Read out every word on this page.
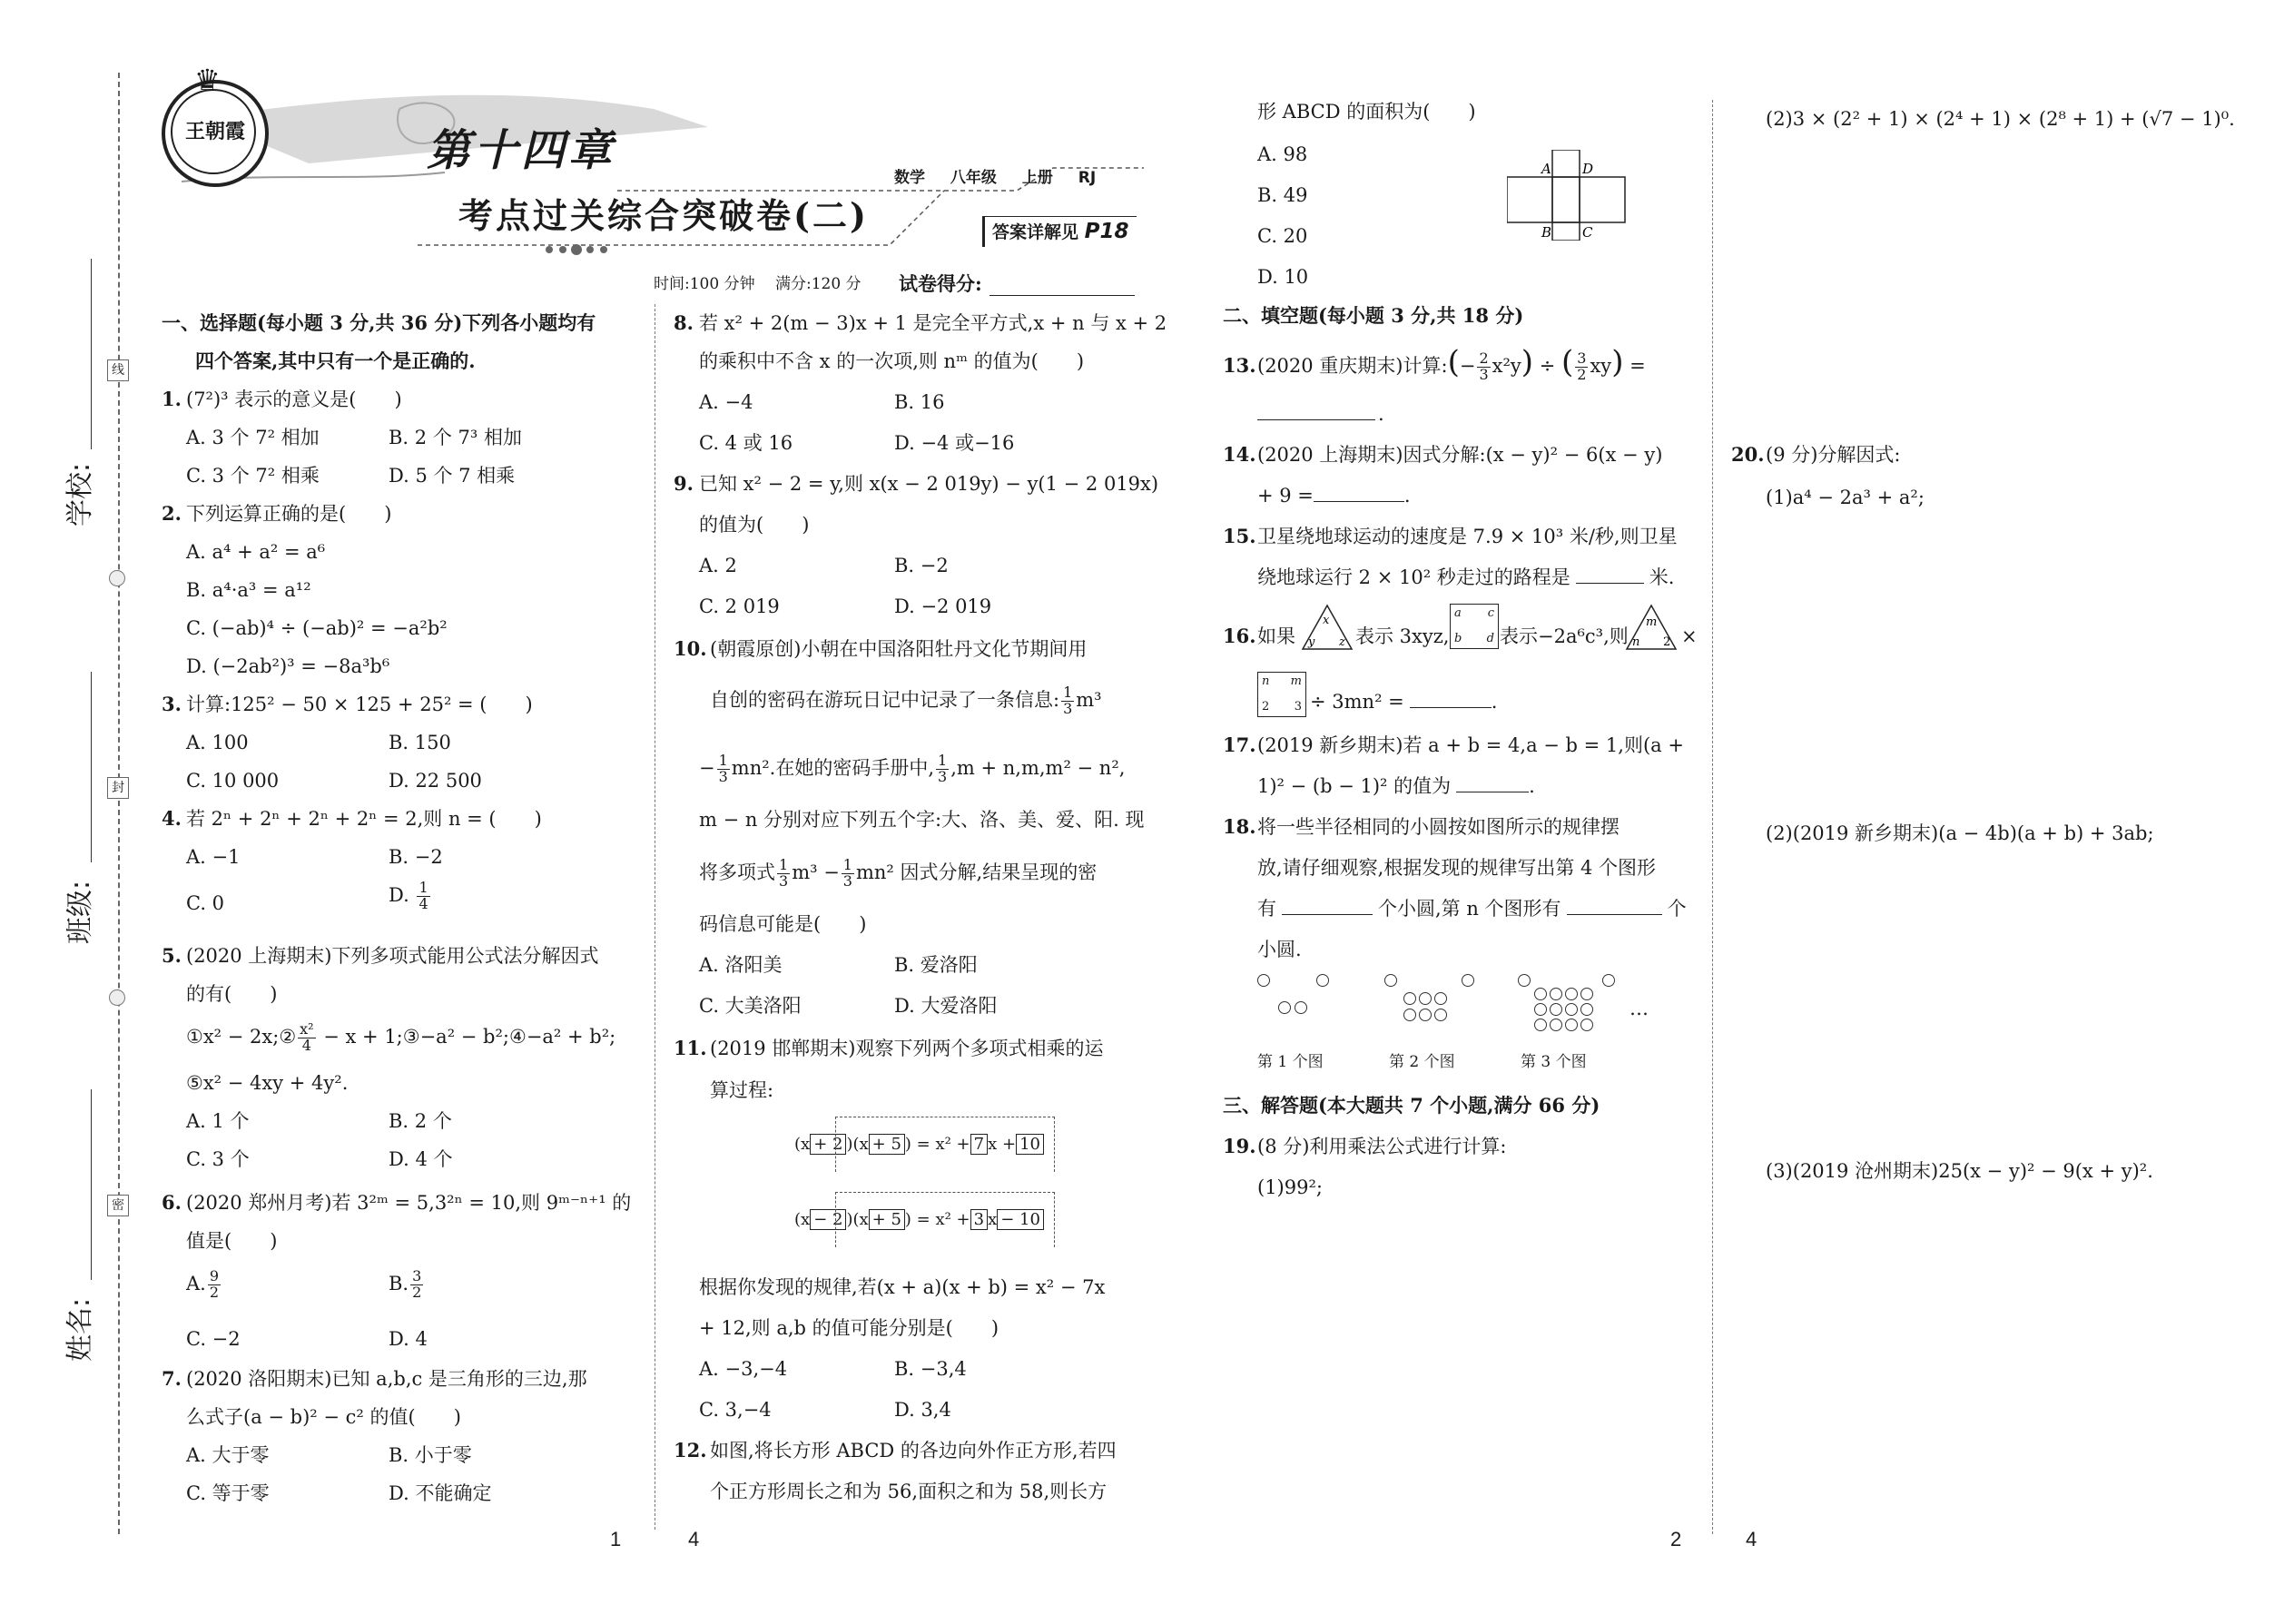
线
封
密
学校:
班级:
姓名:
王朝霞
♛
第十四章
考点过关综合突破卷(二)
数学 八年级 上册 RJ
答案详解见 P18
时间:100 分钟　 满分:120 分 试卷得分:
一、选择题(每小题 3 分,共 36 分)下列各小题均有
四个答案,其中只有一个是正确的.
1. (7²)³ 表示的意义是(　　)
A. 3 个 7² 相加	B. 2 个 7³ 相加
C. 3 个 7² 相乘	D. 5 个 7 相乘
2. 下列运算正确的是(　　)
A. a⁴ + a² = a⁶
B. a⁴·a³ = a¹²
C. (−ab)⁴ ÷ (−ab)² = −a²b²
D. (−2ab²)³ = −8a³b⁶
3. 计算:125² − 50 × 125 + 25² = (　　)
A. 100	B. 150
C. 10 000	D. 22 500
4. 若 2ⁿ + 2ⁿ + 2ⁿ + 2ⁿ = 2,则 n = (　　)
A. −1	B. −2
C. 0	D. $\frac{1}{4}$
5. (2020 上海期末)下列多项式能用公式法分解因式
的有(　　)
①x² − 2x;② $\frac{\text{x²}}{4} - x$ + 1;③−a² − b²;④−a² + b²;
⑤x² − 4xy + 4y².
A. 1 个	B. 2 个
C. 3 个	D. 4 个
6. (2020 郑州月考)若 3²ᵐ = 5,3²ⁿ = 10,则 9ᵐ⁻ⁿ⁺¹ 的
值是(　　)
A. $\frac{9}{2}$	B. $\frac{3}{2}$
C. −2	D. 4
7. (2020 洛阳期末)已知 a,b,c 是三角形的三边,那
么式子(a − b)² − c² 的值(　　)
A. 大于零	B. 小于零
C. 等于零	D. 不能确定
8. 若 x² + 2(m − 3)x + 1 是完全平方式,x + n 与 x + 2
的乘积中不含 x 的一次项,则 nᵐ 的值为(　　)
A. −4	B. 16
C. 4 或 16	D. −4 或−16
9. 已知 x² − 2 = y,则 x(x − 2 019y) − y(1 − 2 019x)
的值为(　　)
A. 2	B. −2
C. 2 019	D. −2 019
10. (朝霞原创)小朝在中国洛阳牡丹文化节期间用
自创的密码在游玩日记中记录了一条信息: $\frac{1}{3} m^3$
− $\frac{1}{3} mn^2$.在她的密码手册中, $\frac{1}{3} ,m + n,m,m^2 - n^2$,
m − n 分别对应下列五个字:大、洛、美、爱、阳. 现
将多项式 $\frac{1}{3} m^3 - \frac{1}{3} mn^2$ 因式分解,结果呈现的密
码信息可能是(　　)
A. 洛阳美	B. 爱洛阳
C. 大美洛阳	D. 大爱洛阳
11. (2019 邯郸期末)观察下列两个多项式相乘的运
算过程:
(x + 2 )(x + 5 ) = x² + 7 x + 10
(x − 2 )(x + 5 ) = x² + 3 x − 10
根据你发现的规律,若(x + a)(x + b) = x² − 7x
+ 12,则 a,b 的值可能分别是(　　)
A. −3,−4	B. −3,4
C. 3,−4	D. 3,4
12. 如图,将长方形 ABCD 的各边向外作正方形,若四
个正方形周长之和为 56,面积之和为 58,则长方
形 ABCD 的面积为(　　)
A. 98
B. 49
C. 20
D. 10
A D
B C
二、填空题(每小题 3 分,共 18 分)
13. (2020 重庆期末)计算:(− $\frac{2}{3} x^2y$) ÷ ( $\frac{3}{2} xy$) =
.
14. (2020 上海期末)因式分解:(x − y)² − 6(x − y)
+ 9 =	.
15. 卫星绕地球运动的速度是 7.9 × 10³ 米/秒,则卫星
绕地球运行 2 × 10² 秒走过的路程是	米.
16. 如果
x
y z 表示 3xyz,
a c
b d 表示−2a⁶c³,则
m
n 2 ×
n m
2 3 ÷ 3mn² =	.
17. (2019 新乡期末)若 a + b = 4,a − b = 1,则(a +
1)² − (b − 1)² 的值为	.
18. 将一些半径相同的小圆按如图所示的规律摆
放,请仔细观察,根据发现的规律写出第 4 个图形
有	个小圆,第 n 个图形有	个
小圆.
…
第 1 个图	第 2 个图	第 3 个图
三、解答题(本大题共 7 个小题,满分 66 分)
19. (8 分)利用乘法公式进行计算:
(1)99²;
(2)3 × (2² + 1) × (2⁴ + 1) × (2⁸ + 1) + (√7 − 1)⁰.
20. (9 分)分解因式:
(1)a⁴ − 2a³ + a²;
(2)(2019 新乡期末)(a − 4b)(a + b) + 3ab;
(3)(2019 沧州期末)25(x − y)² − 9(x + y)².
1	4	2	4
